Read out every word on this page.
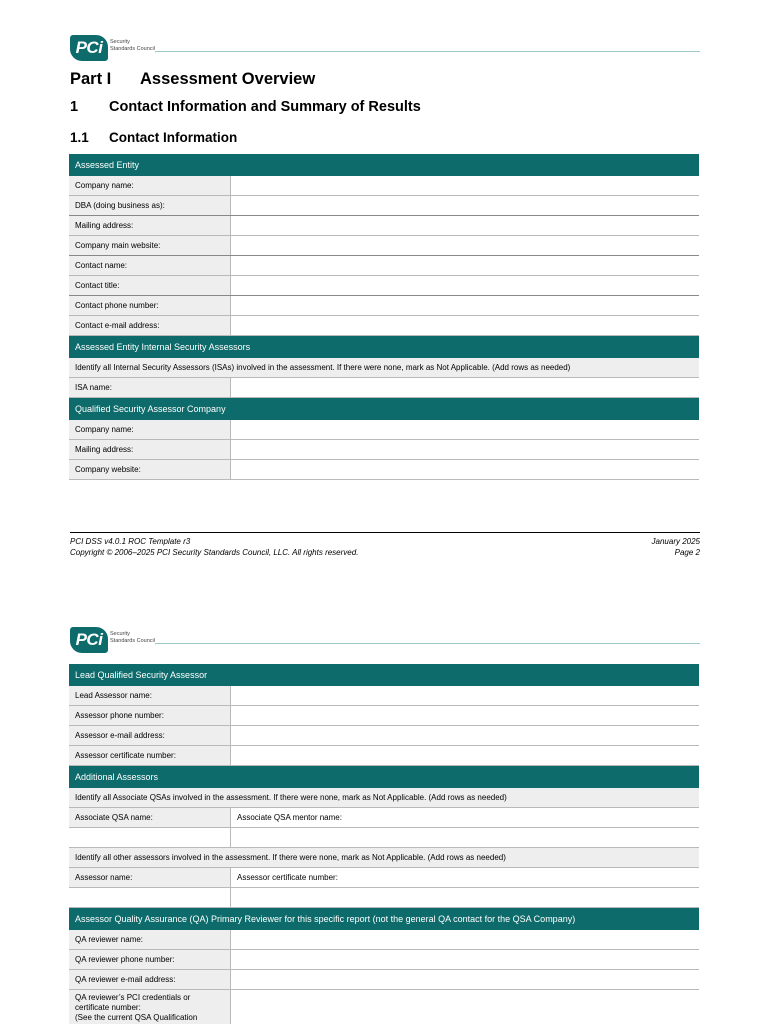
PCi	Security
Standards Council
Part I Assessment Overview
1 Contact Information and Summary of Results
1.1 Contact Information
Assessed Entity
Company name:
DBA (doing business as):
Mailing address:
Company main website:
Contact name:
Contact title:
Contact phone number:
Contact e-mail address:
Assessed Entity Internal Security Assessors
Identify all Internal Security Assessors (ISAs) involved in the assessment. If there were none, mark as Not Applicable. (Add rows as needed)
ISA name:
Qualified Security Assessor Company
Company name:
Mailing address:
Company website:
PCI DSS v4.0.1 ROC Template r3
Copyright © 2006–2025 PCI Security Standards Council, LLC. All rights reserved.
January 2025
Page 2
PCi	Security
Standards Council
Lead Qualified Security Assessor
Lead Assessor name:
Assessor phone number:
Assessor e-mail address:
Assessor certificate number:
Additional Assessors
Identify all Associate QSAs involved in the assessment. If there were none, mark as Not Applicable. (Add rows as needed)
Associate QSA name:	Associate QSA mentor name:
Identify all other assessors involved in the assessment. If there were none, mark as Not Applicable. (Add rows as needed)
Assessor name:	Assessor certificate number:
Assessor Quality Assurance (QA) Primary Reviewer for this specific report (not the general QA contact for the QSA Company)
QA reviewer name:
QA reviewer phone number:
QA reviewer e-mail address:
QA reviewer’s PCI credentials or certificate number:
(See the current QSA Qualification
